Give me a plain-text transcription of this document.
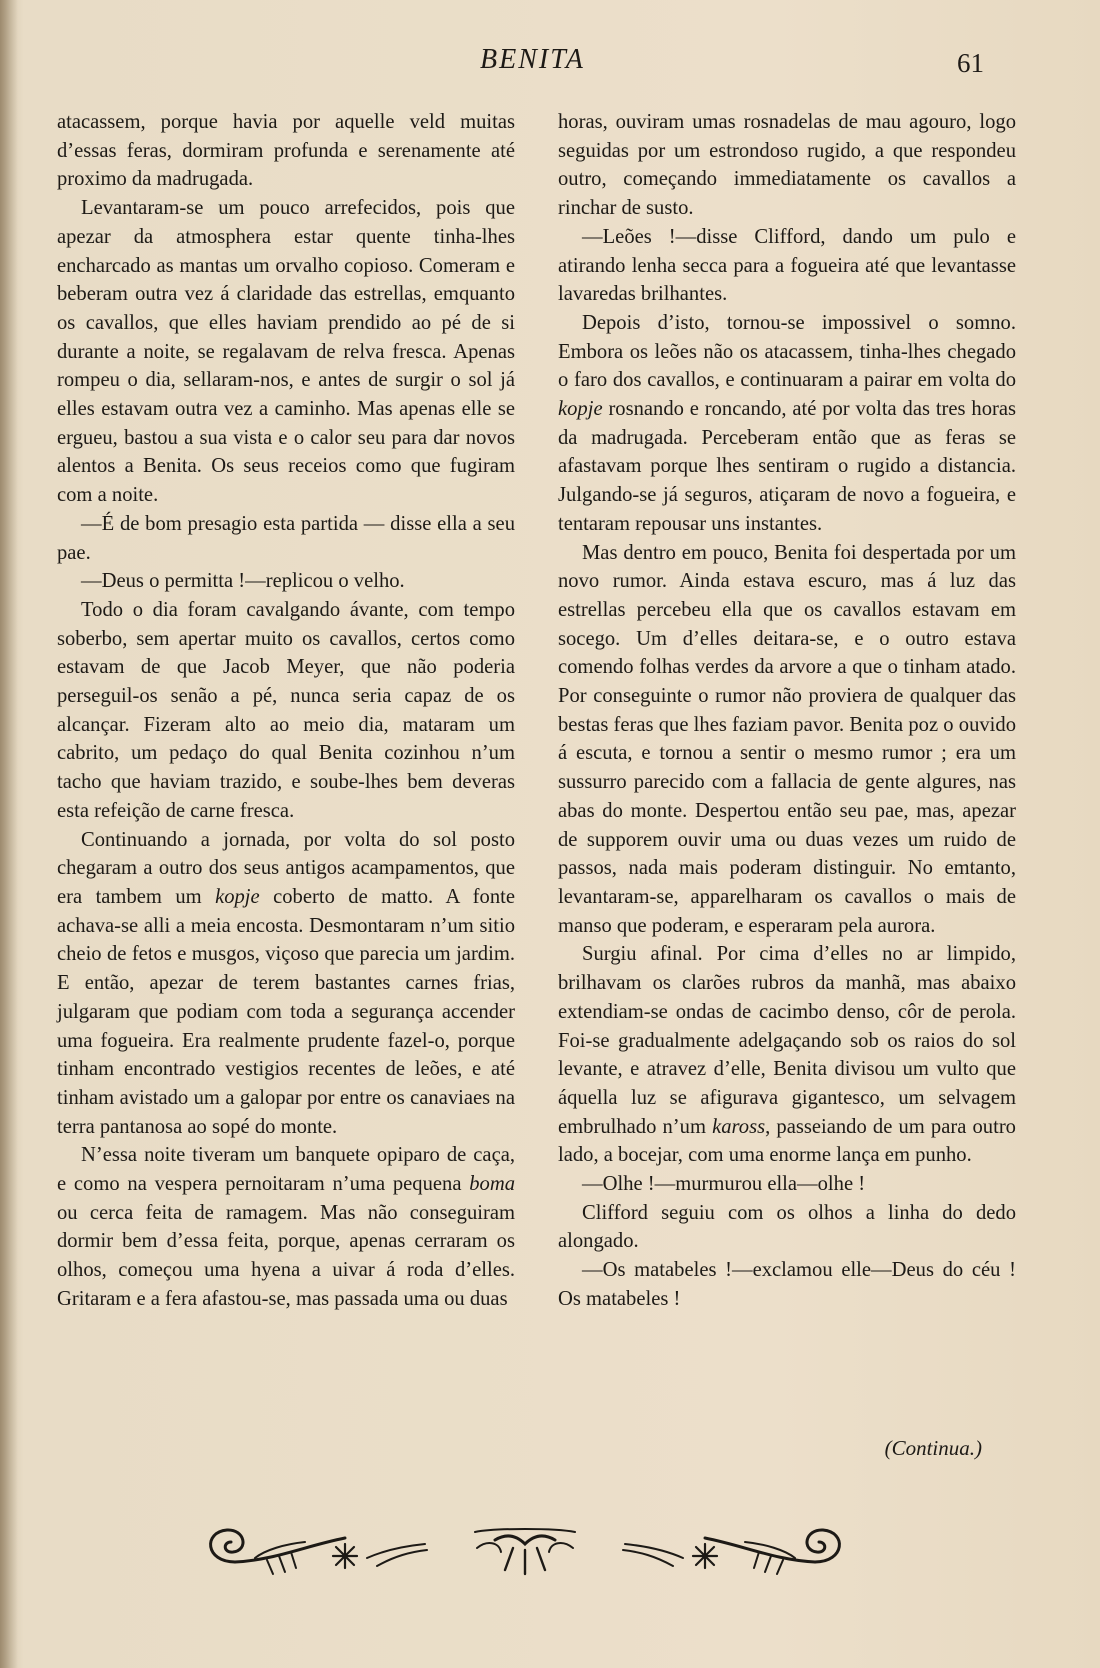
BENITA	61

atacassem, porque havia por aquelle veld muitas d’essas feras, dormiram profunda e serenamente até proximo da madrugada.

Levantaram-se um pouco arrefecidos, pois que apezar da atmosphera estar quente tinha-lhes encharcado as mantas um orvalho copioso. Comeram e beberam outra vez á claridade das estrellas, emquanto os cavallos, que elles haviam prendido ao pé de si durante a noite, se regalavam de relva fresca. Apenas rompeu o dia, sellaram-nos, e antes de surgir o sol já elles estavam outra vez a caminho. Mas apenas elle se ergueu, bastou a sua vista e o calor seu para dar novos alentos a Benita. Os seus receios como que fugiram com a noite.

—É de bom presagio esta partida — disse ella a seu pae.

—Deus o permitta !—replicou o velho.

Todo o dia foram cavalgando ávante, com tempo soberbo, sem apertar muito os cavallos, certos como estavam de que Jacob Meyer, que não poderia perseguil-os senão a pé, nunca seria capaz de os alcançar. Fizeram alto ao meio dia, mataram um cabrito, um pedaço do qual Benita cozinhou n’um tacho que haviam trazido, e soube-lhes bem deveras esta refeição de carne fresca.

Continuando a jornada, por volta do sol posto chegaram a outro dos seus antigos acampamentos, que era tambem um kopje coberto de matto. A fonte achava-se alli a meia encosta. Desmontaram n’um sitio cheio de fetos e musgos, viçoso que parecia um jardim. E então, apezar de terem bastantes carnes frias, julgaram que podiam com toda a segurança accender uma fogueira. Era realmente prudente fazel-o, porque tinham encontrado vestigios recentes de leões, e até tinham avistado um a galopar por entre os canaviaes na terra pantanosa ao sopé do monte.

N’essa noite tiveram um banquete opiparo de caça, e como na vespera pernoitaram n’uma pequena boma ou cerca feita de ramagem. Mas não conseguiram dormir bem d’essa feita, porque, apenas cerraram os olhos, começou uma hyena a uivar á roda d’elles. Gritaram e a fera afastou-se, mas passada uma ou duas

horas, ouviram umas rosnadelas de mau agouro, logo seguidas por um estrondoso rugido, a que respondeu outro, começando immediatamente os cavallos a rinchar de susto.

—Leões !—disse Clifford, dando um pulo e atirando lenha secca para a fogueira até que levantasse lavaredas brilhantes.

Depois d’isto, tornou-se impossivel o somno. Embora os leões não os atacassem, tinha-lhes chegado o faro dos cavallos, e continuaram a pairar em volta do kopje rosnando e roncando, até por volta das tres horas da madrugada. Perceberam então que as feras se afastavam porque lhes sentiram o rugido a distancia. Julgando-se já seguros, atiçaram de novo a fogueira, e tentaram repousar uns instantes.

Mas dentro em pouco, Benita foi despertada por um novo rumor. Ainda estava escuro, mas á luz das estrellas percebeu ella que os cavallos estavam em socego. Um d’elles deitara-se, e o outro estava comendo folhas verdes da arvore a que o tinham atado. Por conseguinte o rumor não proviera de qualquer das bestas feras que lhes faziam pavor. Benita poz o ouvido á escuta, e tornou a sentir o mesmo rumor ; era um sussurro parecido com a fallacia de gente algures, nas abas do monte. Despertou então seu pae, mas, apezar de supporem ouvir uma ou duas vezes um ruido de passos, nada mais poderam distinguir. No emtanto, levantaram-se, apparelharam os cavallos o mais de manso que poderam, e esperaram pela aurora.

Surgiu afinal. Por cima d’elles no ar limpido, brilhavam os clarões rubros da manhã, mas abaixo extendiam-se ondas de cacimbo denso, côr de perola. Foi-se gradualmente adelgaçando sob os raios do sol levante, e atravez d’elle, Benita divisou um vulto que áquella luz se afigurava gigantesco, um selvagem embrulhado n’um kaross, passeiando de um para outro lado, a bocejar, com uma enorme lança em punho.

—Olhe !—murmurou ella—olhe !

Clifford seguiu com os olhos a linha do dedo alongado.

—Os matabeles !—exclamou elle—Deus do céu ! Os matabeles !

(Continua.)
